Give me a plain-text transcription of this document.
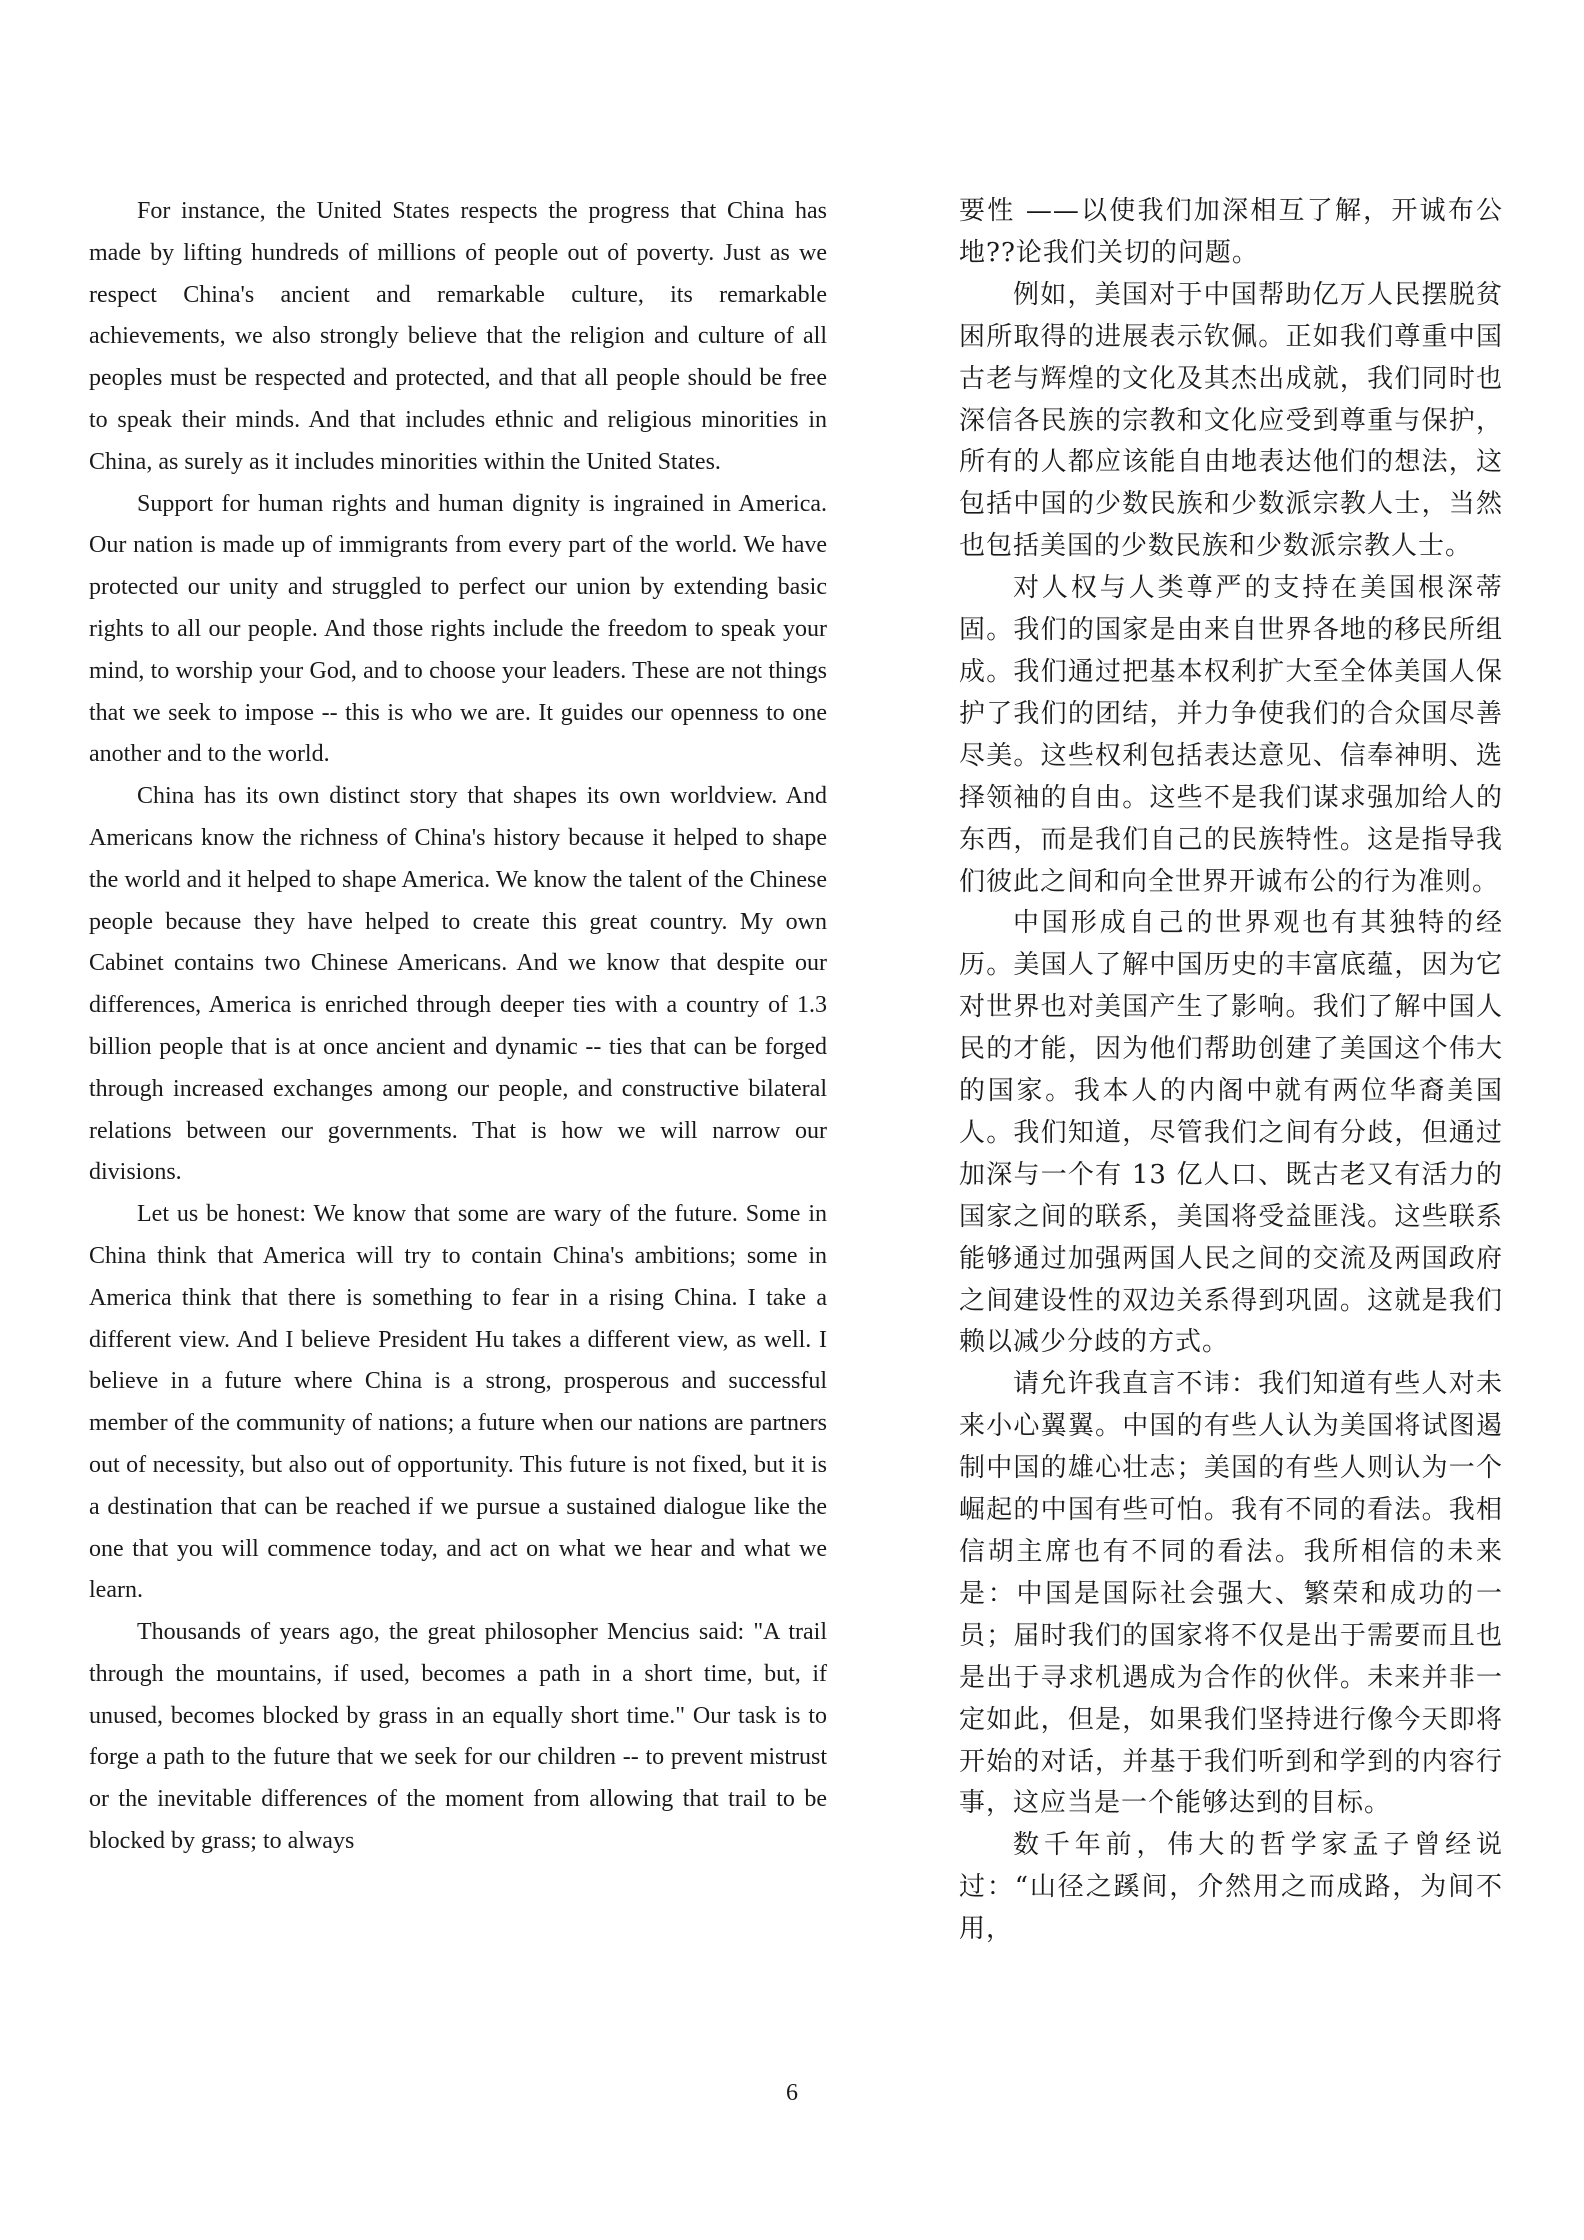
For instance, the United States respects the progress that China has made by lifting hundreds of millions of people out of poverty. Just as we respect China's ancient and remarkable culture, its remarkable achievements, we also strongly believe that the religion and culture of all peoples must be respected and protected, and that all people should be free to speak their minds. And that includes ethnic and religious minorities in China, as surely as it includes minorities within the United States.

Support for human rights and human dignity is ingrained in America. Our nation is made up of immigrants from every part of the world. We have protected our unity and struggled to perfect our union by extending basic rights to all our people. And those rights include the freedom to speak your mind, to worship your God, and to choose your leaders. These are not things that we seek to impose -- this is who we are. It guides our openness to one another and to the world.

China has its own distinct story that shapes its own worldview. And Americans know the richness of China's history because it helped to shape the world and it helped to shape America. We know the talent of the Chinese people because they have helped to create this great country. My own Cabinet contains two Chinese Americans. And we know that despite our differences, America is enriched through deeper ties with a country of 1.3 billion people that is at once ancient and dynamic -- ties that can be forged through increased exchanges among our people, and constructive bilateral relations between our governments. That is how we will narrow our divisions.

Let us be honest: We know that some are wary of the future. Some in China think that America will try to contain China's ambitions; some in America think that there is something to fear in a rising China. I take a different view. And I believe President Hu takes a different view, as well. I believe in a future where China is a strong, prosperous and successful member of the community of nations; a future when our nations are partners out of necessity, but also out of opportunity. This future is not fixed, but it is a destination that can be reached if we pursue a sustained dialogue like the one that you will commence today, and act on what we hear and what we learn.

Thousands of years ago, the great philosopher Mencius said: "A trail through the mountains, if used, becomes a path in a short time, but, if unused, becomes blocked by grass in an equally short time." Our task is to forge a path to the future that we seek for our children -- to prevent mistrust or the inevitable differences of the moment from allowing that trail to be blocked by grass; to always

要性 ——以使我们加深相互了解，开诚布公地??论我们关切的问题。

例如，美国对于中国帮助亿万人民摆脱贫困所取得的进展表示钦佩。正如我们尊重中国古老与辉煌的文化及其杰出成就，我们同时也深信各民族的宗教和文化应受到尊重与保护，所有的人都应该能自由地表达他们的想法，这包括中国的少数民族和少数派宗教人士，当然也包括美国的少数民族和少数派宗教人士。

对人权与人类尊严的支持在美国根深蒂固。我们的国家是由来自世界各地的移民所组成。我们通过把基本权利扩大至全体美国人保护了我们的团结，并力争使我们的合众国尽善尽美。这些权利包括表达意见、信奉神明、选择领袖的自由。这些不是我们谋求强加给人的东西，而是我们自己的民族特性。这是指导我们彼此之间和向全世界开诚布公的行为准则。

中国形成自己的世界观也有其独特的经历。美国人了解中国历史的丰富底蕴，因为它对世界也对美国产生了影响。我们了解中国人民的才能，因为他们帮助创建了美国这个伟大的国家。我本人的内阁中就有两位华裔美国人。我们知道，尽管我们之间有分歧，但通过加深与一个有 13 亿人口、既古老又有活力的国家之间的联系，美国将受益匪浅。这些联系能够通过加强两国人民之间的交流及两国政府之间建设性的双边关系得到巩固。这就是我们赖以减少分歧的方式。

请允许我直言不讳：我们知道有些人对未来小心翼翼。中国的有些人认为美国将试图遏制中国的雄心壮志；美国的有些人则认为一个崛起的中国有些可怕。我有不同的看法。我相信胡主席也有不同的看法。我所相信的未来是：中国是国际社会强大、繁荣和成功的一员；届时我们的国家将不仅是出于需要而且也是出于寻求机遇成为合作的伙伴。未来并非一定如此，但是，如果我们坚持进行像今天即将开始的对话，并基于我们听到和学到的内容行事，这应当是一个能够达到的目标。

数千年前，伟大的哲学家孟子曾经说过：“山径之蹊间，介然用之而成路，为间不用，

6
